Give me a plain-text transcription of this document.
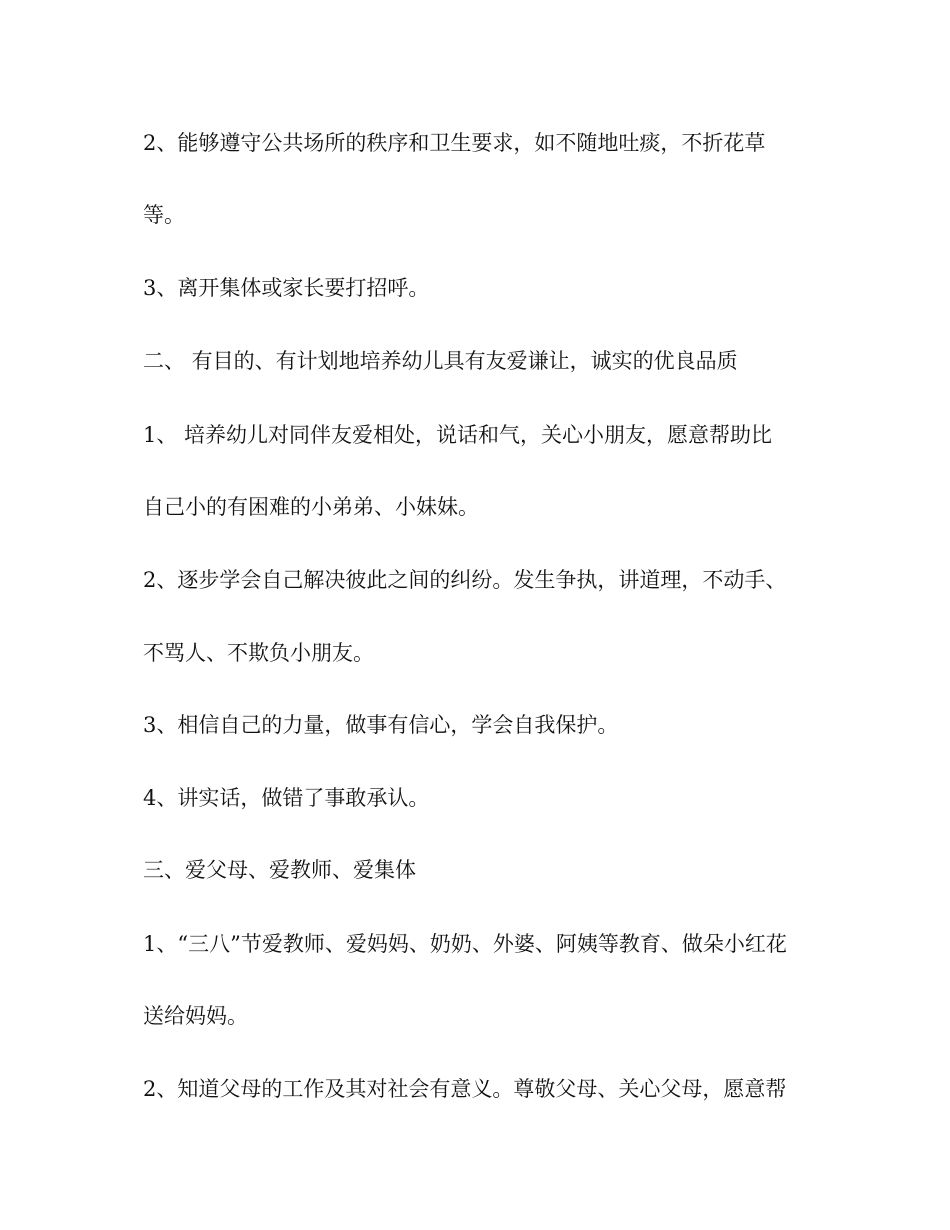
2、能够遵守公共场所的秩序和卫生要求，如不随地吐痰，不折花草
等。
3、离开集体或家长要打招呼。
二、 有目的、有计划地培养幼儿具有友爱谦让，诚实的优良品质
1、 培养幼儿对同伴友爱相处，说话和气，关心小朋友，愿意帮助比
自己小的有困难的小弟弟、小妹妹。
2、逐步学会自己解决彼此之间的纠纷。发生争执，讲道理，不动手、
不骂人、不欺负小朋友。
3、相信自己的力量，做事有信心，学会自我保护。
4、讲实话，做错了事敢承认。
三、爱父母、爱教师、爱集体
1、“三八”节爱教师、爱妈妈、奶奶、外婆、阿姨等教育、做朵小红花
送给妈妈。
2、知道父母的工作及其对社会有意义。尊敬父母、关心父母，愿意帮
